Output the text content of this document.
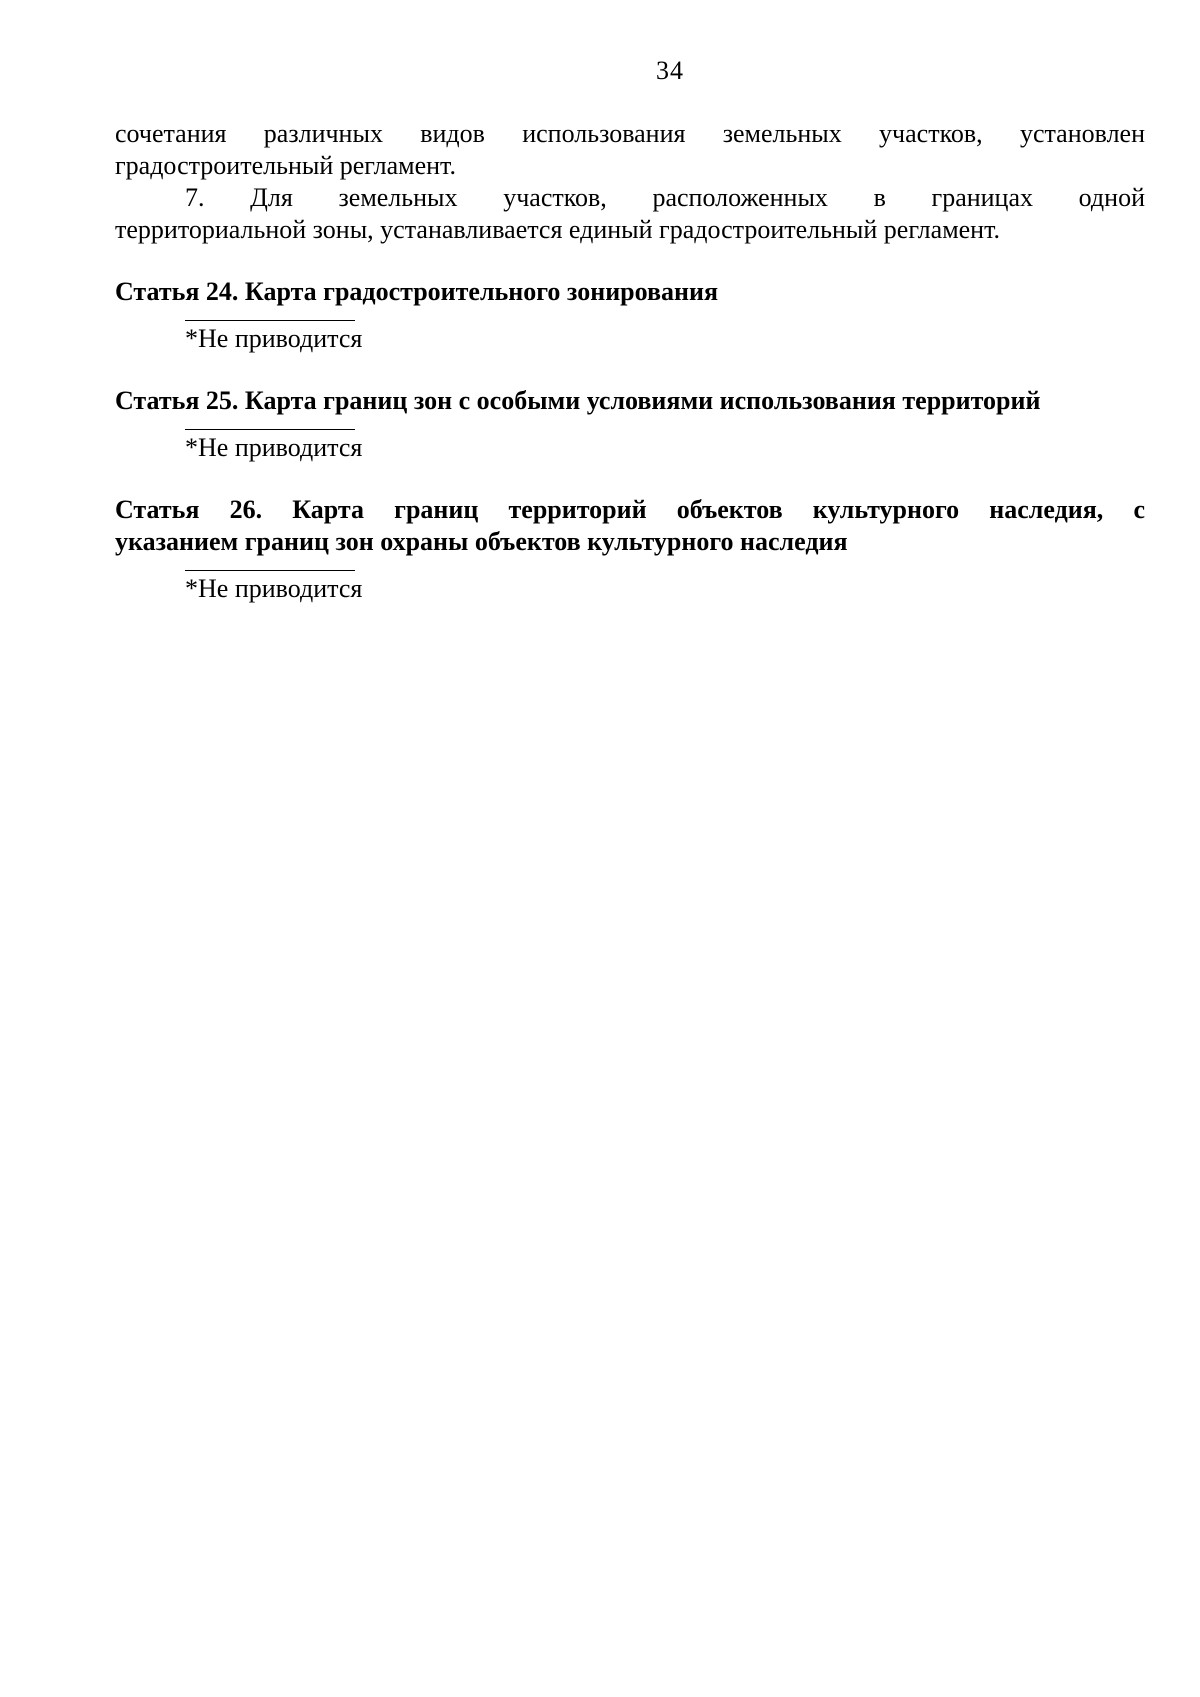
34

сочетания различных видов использования земельных участков, установлен

градостроительный регламент.

7. Для земельных участков, расположенных в границах одной

территориальной зоны, устанавливается единый градостроительный регламент.

Статья 24. Карта градостроительного зонирования

*Не приводится

Статья 25. Карта границ зон с особыми условиями использования территорий

*Не приводится

Статья 26. Карта границ территорий объектов культурного наследия, с

указанием границ зон охраны объектов культурного наследия

*Не приводится
